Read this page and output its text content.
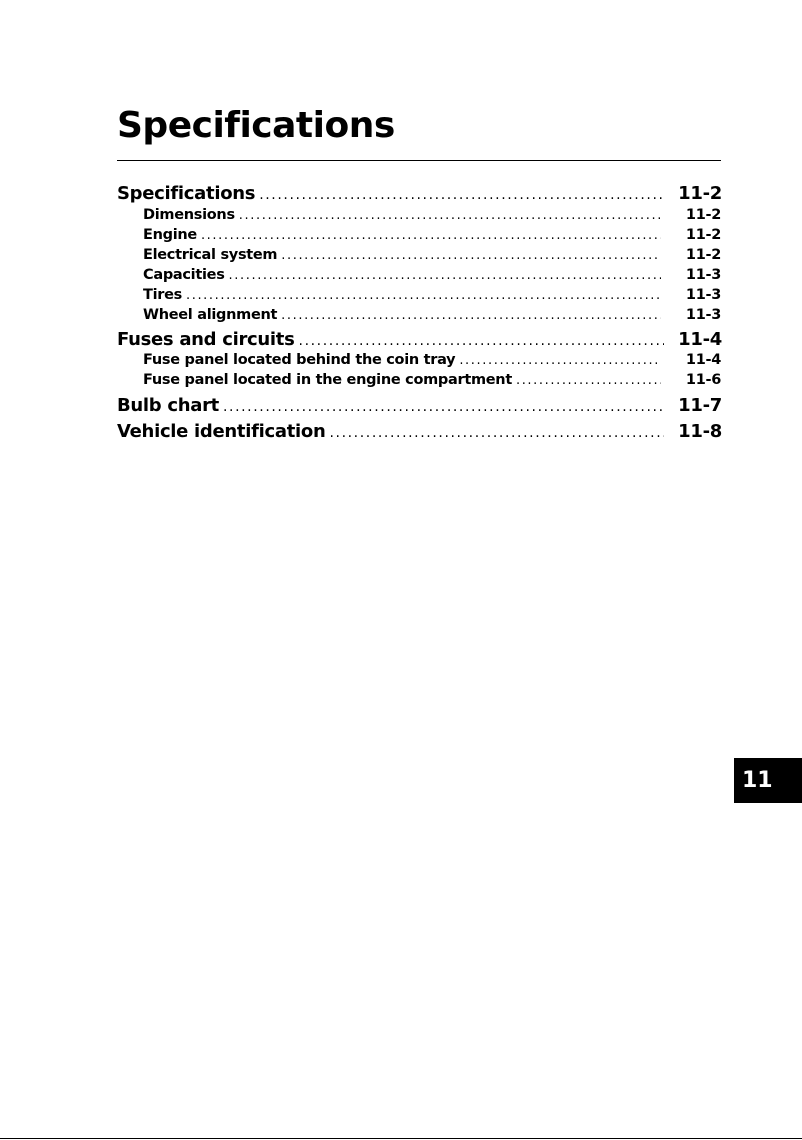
Specifications
Specifications .....	11-2
Dimensions .....	11-2
Engine .....	11-2
Electrical system .....	11-2
Capacities .....	11-3
Tires .....	11-3
Wheel alignment .....	11-3
Fuses and circuits .....	11-4
Fuse panel located behind the coin tray .....	11-4
Fuse panel located in the engine compartment .....	11-6
Bulb chart .....	11-7
Vehicle identification .....	11-8
11
